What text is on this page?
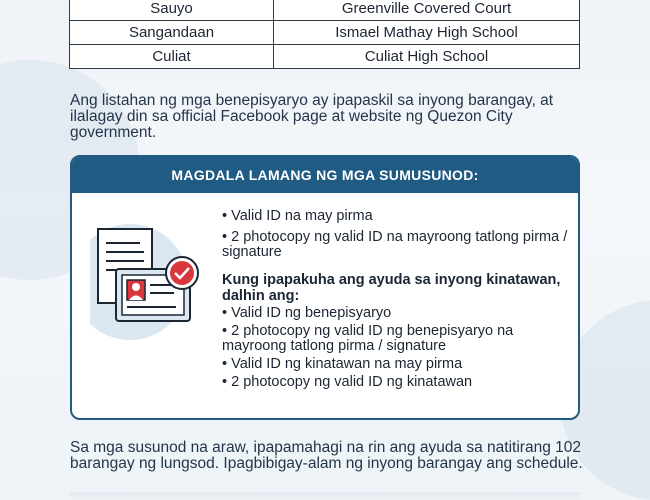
Sauyo	Greenville Covered Court
Sangandaan	Ismael Mathay High School
Culiat	Culiat High School

Ang listahan ng mga benepisyaryo ay ipapaskil sa inyong barangay, at ilalagay din sa official Facebook page at website ng Quezon City government.

MAGDALA LAMANG NG MGA SUMUSUNOD:

• Valid ID na may pirma

• 2 photocopy ng valid ID na mayroong tatlong pirma / signature

Kung ipapakuha ang ayuda sa inyong kinatawan, dalhin ang:

• Valid ID ng benepisyaryo

• 2 photocopy ng valid ID ng benepisyaryo na mayroong tatlong pirma / signature

• Valid ID ng kinatawan na may pirma

• 2 photocopy ng valid ID ng kinatawan

Sa mga susunod na araw, ipapamahagi na rin ang ayuda sa natitirang 102 barangay ng lungsod. Ipagbibigay-alam ng inyong barangay ang schedule.
